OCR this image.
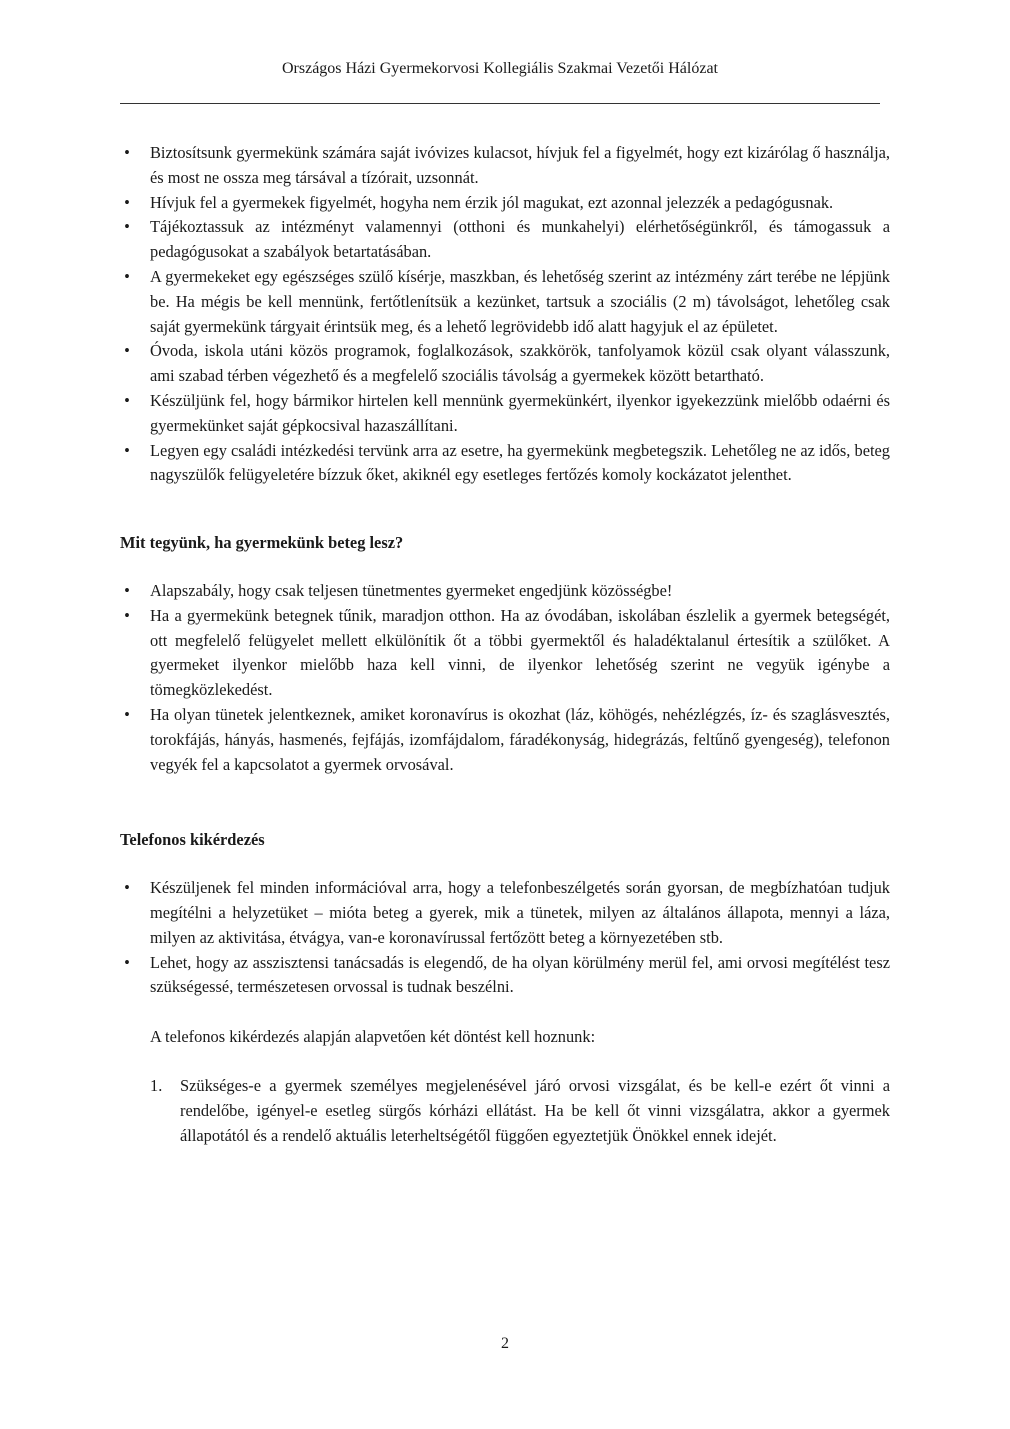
Országos Házi Gyermekorvosi Kollegiális Szakmai Vezetői Hálózat
• Biztosítsunk gyermekünk számára saját ivóvizes kulacsot, hívjuk fel a figyelmét, hogy ezt kizárólag ő használja, és most ne ossza meg társával a tízórait, uzsonnát.
• Hívjuk fel a gyermekek figyelmét, hogyha nem érzik jól magukat, ezt azonnal jelezzék a pedagógusnak.
• Tájékoztassuk az intézményt valamennyi (otthoni és munkahelyi) elérhetőségünkről, és támogassuk a pedagógusokat a szabályok betartatásában.
• A gyermekeket egy egészséges szülő kísérje, maszkban, és lehetőség szerint az intézmény zárt terébe ne lépjünk be. Ha mégis be kell mennünk, fertőtlenítsük a kezünket, tartsuk a szociális (2 m) távolságot, lehetőleg csak saját gyermekünk tárgyait érintsük meg, és a lehető legrövidebb idő alatt hagyjuk el az épületet.
• Óvoda, iskola utáni közös programok, foglalkozások, szakkörök, tanfolyamok közül csak olyant válasszunk, ami szabad térben végezhető és a megfelelő szociális távolság a gyermekek között betartható.
• Készüljünk fel, hogy bármikor hirtelen kell mennünk gyermekünkért, ilyenkor igyekezzünk mielőbb odaérni és gyermekünket saját gépkocsival hazaszállítani.
• Legyen egy családi intézkedési tervünk arra az esetre, ha gyermekünk megbetegszik. Lehetőleg ne az idős, beteg nagyszülők felügyeletére bízzuk őket, akiknél egy esetleges fertőzés komoly kockázatot jelenthet.
Mit tegyünk, ha gyermekünk beteg lesz?
• Alapszabály, hogy csak teljesen tünetmentes gyermeket engedjünk közösségbe!
• Ha a gyermekünk betegnek tűnik, maradjon otthon. Ha az óvodában, iskolában észlelik a gyermek betegségét, ott megfelelő felügyelet mellett elkülönítik őt a többi gyermektől és haladéktalanul értesítik a szülőket. A gyermeket ilyenkor mielőbb haza kell vinni, de ilyenkor lehetőség szerint ne vegyük igénybe a tömegközlekedést.
• Ha olyan tünetek jelentkeznek, amiket koronavírus is okozhat (láz, köhögés, nehézlégzés, íz- és szaglásvesztés, torokfájás, hányás, hasmenés, fejfájás, izomfájdalom, fáradékonyság, hidegrázás, feltűnő gyengeség), telefonon vegyék fel a kapcsolatot a gyermek orvosával.
Telefonos kikérdezés
• Készüljenek fel minden információval arra, hogy a telefonbeszélgetés során gyorsan, de megbízhatóan tudjuk megítélni a helyzetüket – mióta beteg a gyerek, mik a tünetek, milyen az általános állapota, mennyi a láza, milyen az aktivitása, étvágya, van-e koronavírussal fertőzött beteg a környezetében stb.
• Lehet, hogy az asszisztensi tanácsadás is elegendő, de ha olyan körülmény merül fel, ami orvosi megítélést tesz szükségessé, természetesen orvossal is tudnak beszélni.

A telefonos kikérdezés alapján alapvetően két döntést kell hoznunk:

1. Szükséges-e a gyermek személyes megjelenésével járó orvosi vizsgálat, és be kell-e ezért őt vinni a rendelőbe, igényel-e esetleg sürgős kórházi ellátást. Ha be kell őt vinni vizsgálatra, akkor a gyermek állapotától és a rendelő aktuális leterheltségétől függően egyeztetjük Önökkel ennek idejét.
2
